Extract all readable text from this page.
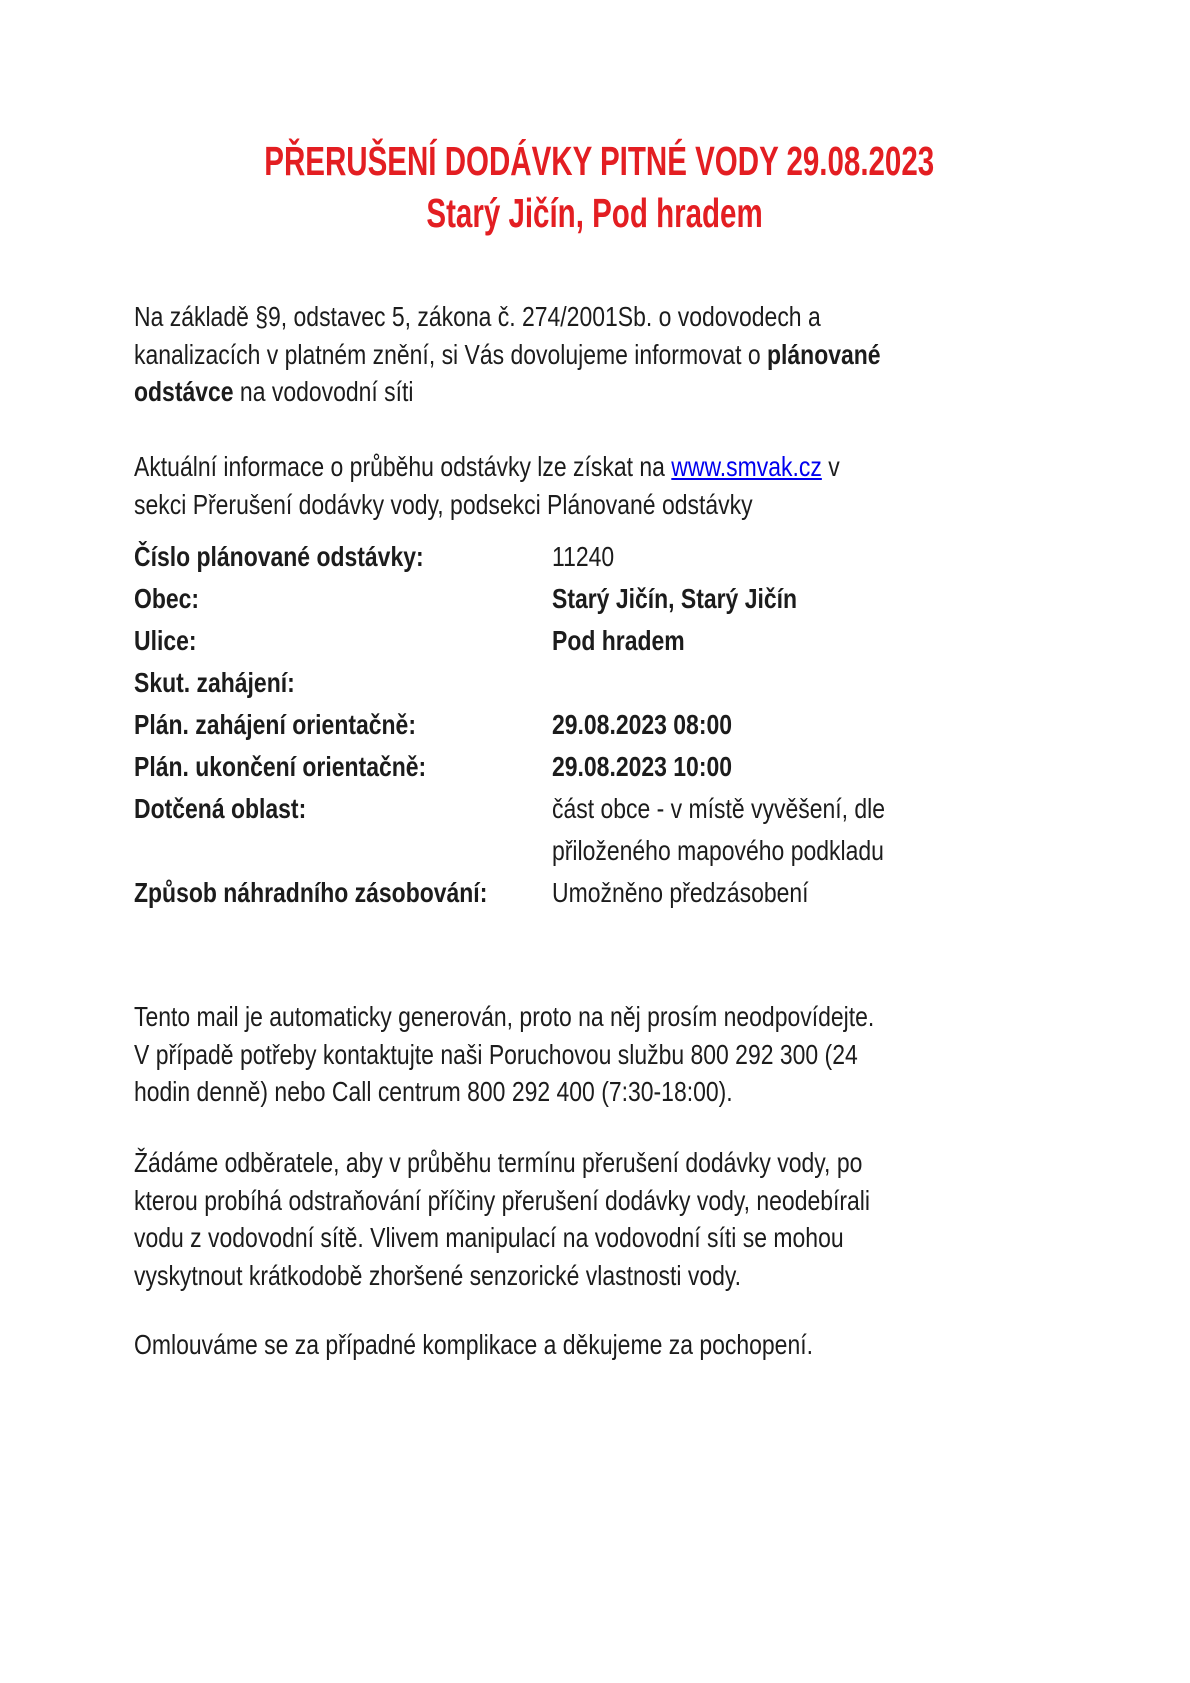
PŘERUŠENÍ DODÁVKY PITNÉ VODY 29.08.2023
Starý Jičín, Pod hradem
Na základě §9, odstavec 5, zákona č. 274/2001Sb. o vodovodech a
kanalizacích v platném znění, si Vás dovolujeme informovat o plánované
odstávce na vodovodní síti
Aktuální informace o průběhu odstávky lze získat na www.smvak.cz v
sekci Přerušení dodávky vody, podsekci Plánované odstávky
Číslo plánované odstávky:	11240
Obec:	Starý Jičín, Starý Jičín
Ulice:	Pod hradem
Skut. zahájení:
Plán. zahájení orientačně:	29.08.2023 08:00
Plán. ukončení orientačně:	29.08.2023 10:00
Dotčená oblast:	část obce - v místě vyvěšení, dle
přiloženého mapového podkladu
Způsob náhradního zásobování:	Umožněno předzásobení
Tento mail je automaticky generován, proto na něj prosím neodpovídejte.
V případě potřeby kontaktujte naši Poruchovou službu 800 292 300 (24
hodin denně) nebo Call centrum 800 292 400 (7:30-18:00).
Žádáme odběratele, aby v průběhu termínu přerušení dodávky vody, po
kterou probíhá odstraňování příčiny přerušení dodávky vody, neodebírali
vodu z vodovodní sítě. Vlivem manipulací na vodovodní síti se mohou
vyskytnout krátkodobě zhoršené senzorické vlastnosti vody.
Omlouváme se za případné komplikace a děkujeme za pochopení.
